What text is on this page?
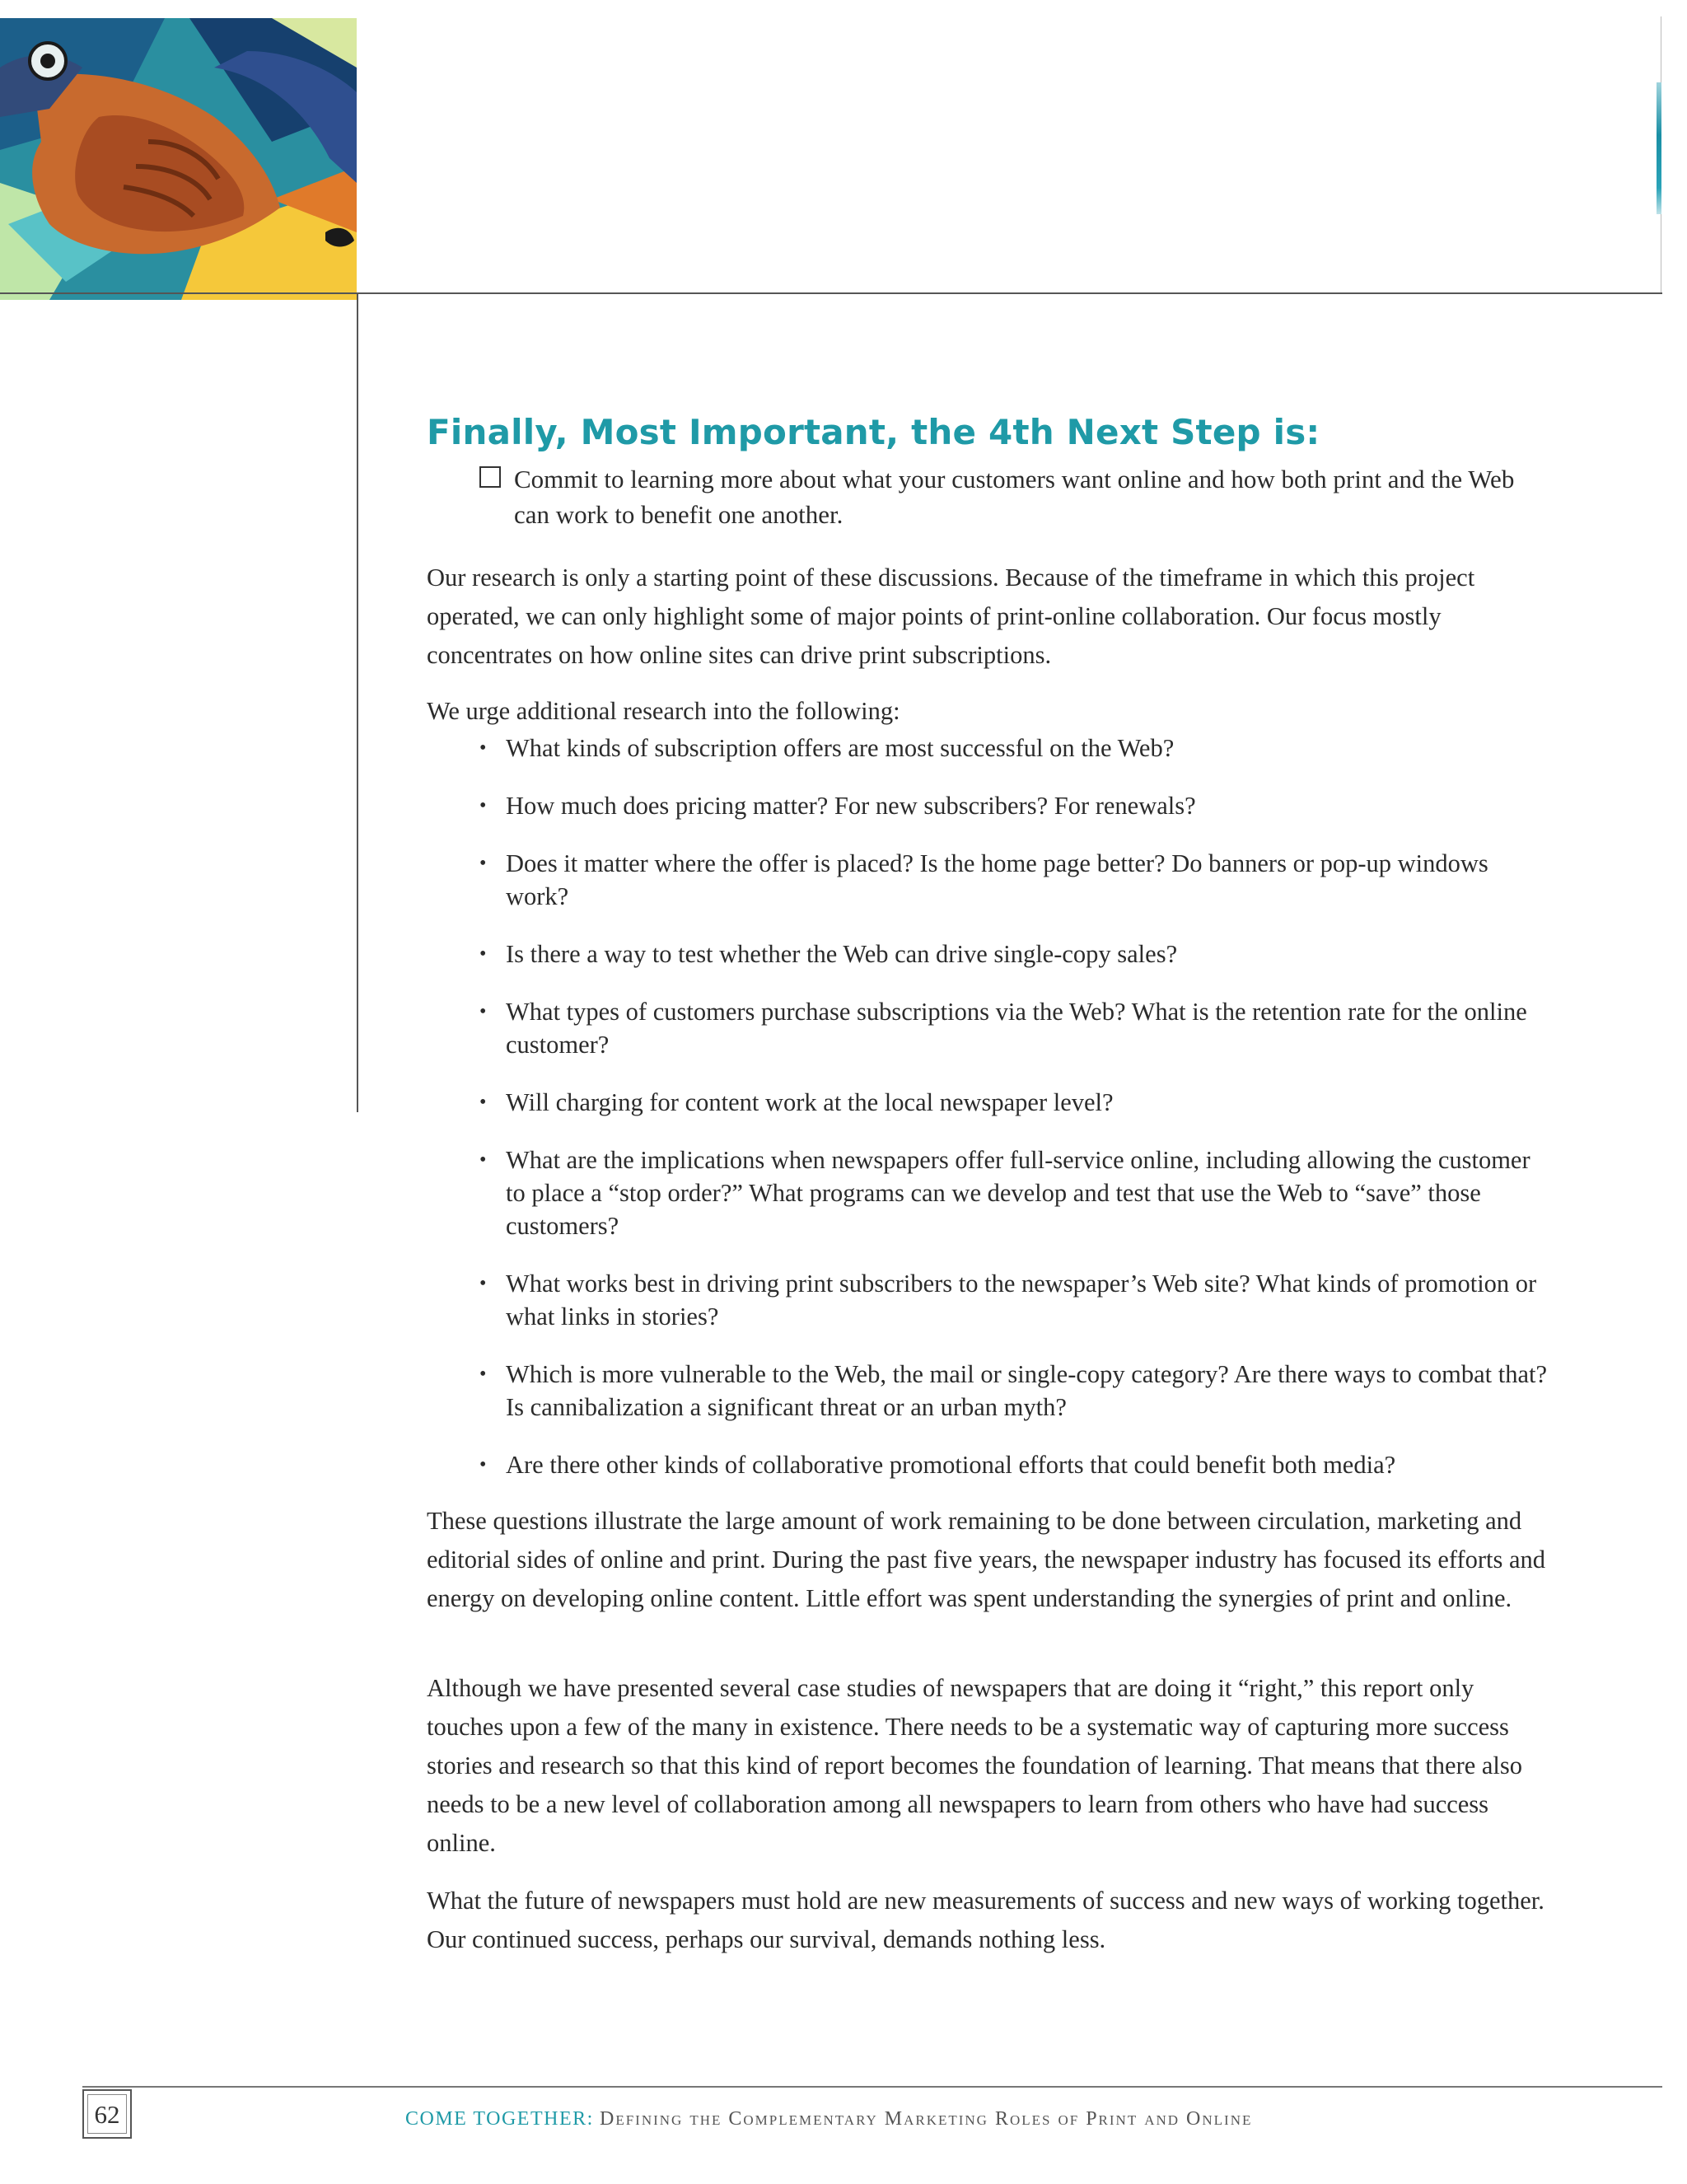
Finally, Most Important, the 4th Next Step is:
Commit to learning more about what your customers want online and how both print and the Web can work to benefit one another.

Our research is only a starting point of these discussions. Because of the timeframe in which this project operated, we can only highlight some of major points of print-online collaboration. Our focus mostly concentrates on how online sites can drive print subscriptions.

We urge additional research into the following:

• What kinds of subscription offers are most successful on the Web?
• How much does pricing matter? For new subscribers? For renewals?
• Does it matter where the offer is placed? Is the home page better? Do banners or pop-up windows work?
• Is there a way to test whether the Web can drive single-copy sales?
• What types of customers purchase subscriptions via the Web? What is the retention rate for the online customer?
• Will charging for content work at the local newspaper level?
• What are the implications when newspapers offer full-service online, including allowing the customer to place a “stop order?” What programs can we develop and test that use the Web to “save” those customers?
• What works best in driving print subscribers to the newspaper’s Web site? What kinds of promotion or what links in stories?
• Which is more vulnerable to the Web, the mail or single-copy category? Are there ways to combat that? Is cannibalization a significant threat or an urban myth?
• Are there other kinds of collaborative promotional efforts that could benefit both media?

These questions illustrate the large amount of work remaining to be done between circulation, marketing and editorial sides of online and print. During the past five years, the newspaper industry has focused its efforts and energy on developing online content. Little effort was spent understanding the synergies of print and online.

Although we have presented several case studies of newspapers that are doing it “right,” this report only touches upon a few of the many in existence. There needs to be a systematic way of capturing more success stories and research so that this kind of report becomes the foundation of learning. That means that there also needs to be a new level of collaboration among all newspapers to learn from others who have had success online.

What the future of newspapers must hold are new measurements of success and new ways of working together. Our continued success, perhaps our survival, demands nothing less.

62	COME TOGETHER: Defining the Complementary Marketing Roles of Print and Online
